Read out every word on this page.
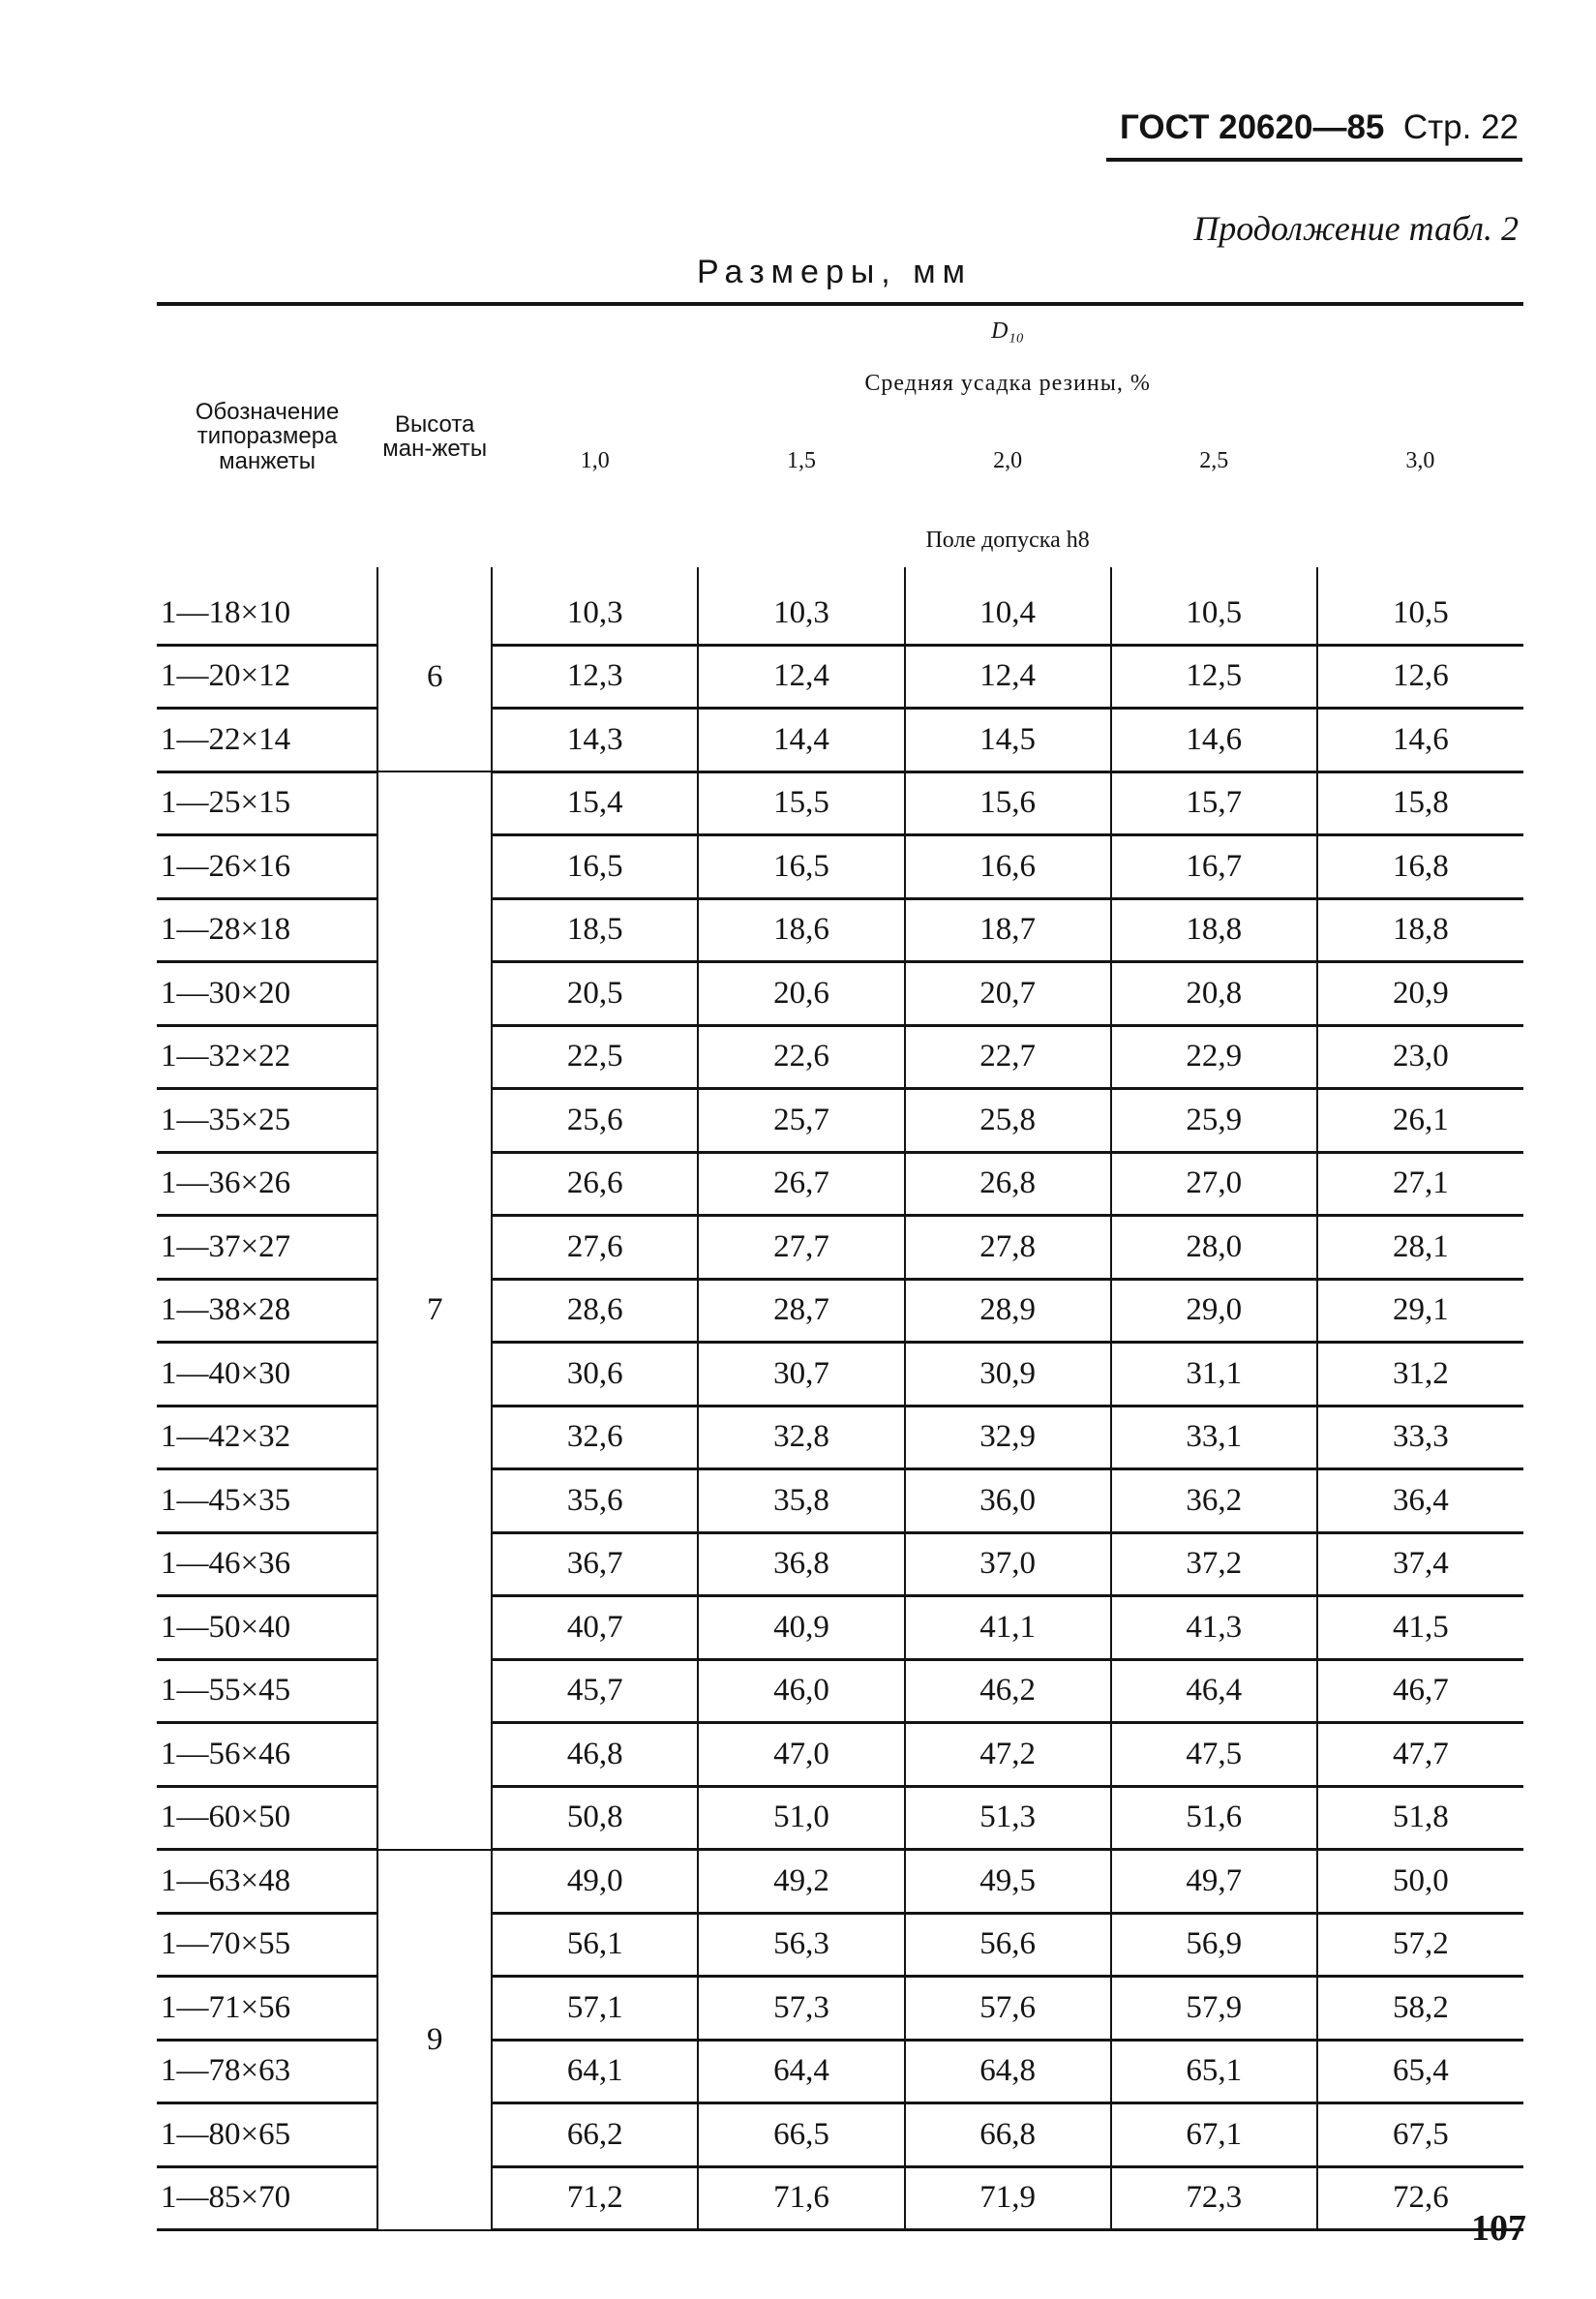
ГОСТ 20620—85 Стр. 22
Продолжение табл. 2
Размеры, мм
Обозначение типоразмера манжеты	Высота ман-жеты	D₁₀				
		Средняя усадка резины, %				
		1,0	1,5	2,0	2,5	3,0
		Поле допуска h8				
1—18×10	6	10,3	10,3	10,4	10,5	10,5
1—20×12		12,3	12,4	12,4	12,5	12,6
1—22×14		14,3	14,4	14,5	14,6	14,6
1—25×15	7	15,4	15,5	15,6	15,7	15,8
1—26×16		16,5	16,5	16,6	16,7	16,8
1—28×18		18,5	18,6	18,7	18,8	18,8
1—30×20		20,5	20,6	20,7	20,8	20,9
1—32×22		22,5	22,6	22,7	22,9	23,0
1—35×25		25,6	25,7	25,8	25,9	26,1
1—36×26		26,6	26,7	26,8	27,0	27,1
1—37×27		27,6	27,7	27,8	28,0	28,1
1—38×28		28,6	28,7	28,9	29,0	29,1
1—40×30		30,6	30,7	30,9	31,1	31,2
1—42×32		32,6	32,8	32,9	33,1	33,3
1—45×35		35,6	35,8	36,0	36,2	36,4
1—46×36		36,7	36,8	37,0	37,2	37,4
1—50×40		40,7	40,9	41,1	41,3	41,5
1—55×45		45,7	46,0	46,2	46,4	46,7
1—56×46		46,8	47,0	47,2	47,5	47,7
1—60×50		50,8	51,0	51,3	51,6	51,8
1—63×48	9	49,0	49,2	49,5	49,7	50,0
1—70×55		56,1	56,3	56,6	56,9	57,2
1—71×56		57,1	57,3	57,6	57,9	58,2
1—78×63		64,1	64,4	64,8	65,1	65,4
1—80×65		66,2	66,5	66,8	67,1	67,5
1—85×70		71,2	71,6	71,9	72,3	72,6
107
